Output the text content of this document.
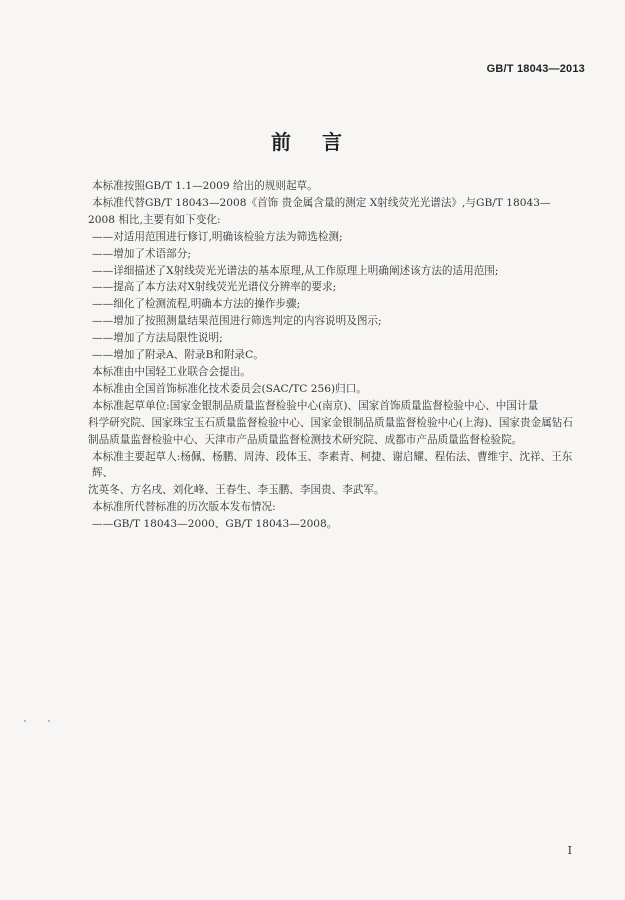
GB/T 18043—2013
前 言

本标准按照GB/T 1.1—2009 给出的规则起草。

本标准代替GB/T 18043—2008《首饰 贵金属含量的测定 X射线荧光光谱法》,与GB/T 18043—
2008 相比,主要有如下变化:

——对适用范围进行修订,明确该检验方法为筛选检测;

——增加了术语部分;

——详细描述了X射线荧光光谱法的基本原理,从工作原理上明确阐述该方法的适用范围;

——提高了本方法对X射线荧光光谱仪分辨率的要求;

——细化了检测流程,明确本方法的操作步骤;

——增加了按照测量结果范围进行筛选判定的内容说明及图示;

——增加了方法局限性说明;

——增加了附录A、附录B和附录C。

本标准由中国轻工业联合会提出。

本标准由全国首饰标准化技术委员会(SAC/TC 256)归口。

本标准起草单位:国家金银制品质量监督检验中心(南京)、国家首饰质量监督检验中心、中国计量
科学研究院、国家珠宝玉石质量监督检验中心、国家金银制品质量监督检验中心(上海)、国家贵金属钻石
制品质量监督检验中心、天津市产品质量监督检测技术研究院、成都市产品质量监督检验院。

本标准主要起草人:杨佩、杨鹏、周涛、段体玉、李素青、柯捷、谢启耀、程佑法、曹维宇、沈祥、王东辉、
沈英冬、方名戌、刘化峰、王春生、李玉鹏、李国贵、李武军。

本标准所代替标准的历次版本发布情况:

——GB/T 18043—2000、GB/T 18043—2008。

I
